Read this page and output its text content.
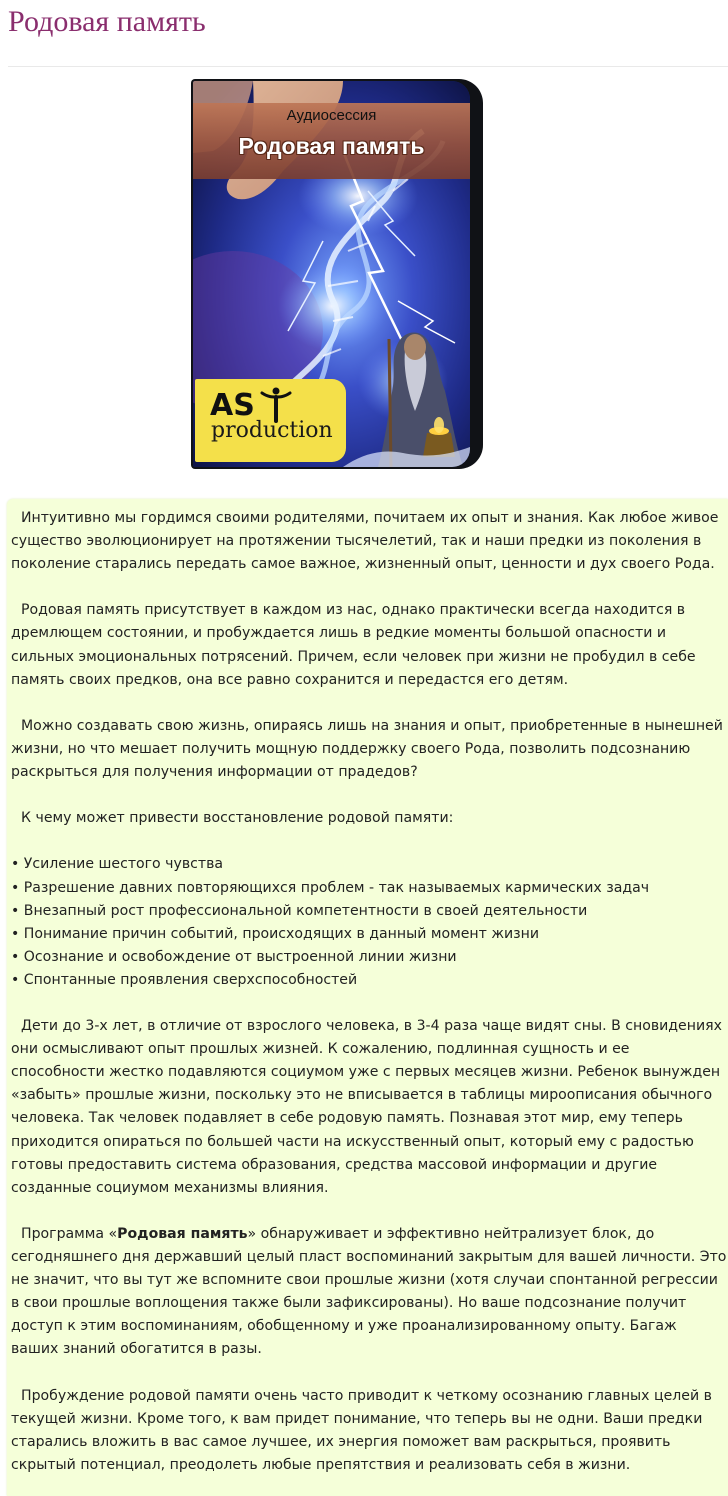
Родовая память
Аудиосессия
Родовая память
AS
production

Интуитивно мы гордимся своими родителями, почитаем их опыт и знания. Как любое живое существо эволюционирует на протяжении тысячелетий, так и наши предки из поколения в поколение старались передать самое важное, жизненный опыт, ценности и дух своего Рода.

Родовая память присутствует в каждом из нас, однако практически всегда находится в дремлющем состоянии, и пробуждается лишь в редкие моменты большой опасности и сильных эмоциональных потрясений. Причем, если человек при жизни не пробудил в себе память своих предков, она все равно сохранится и передастся его детям.

Можно создавать свою жизнь, опираясь лишь на знания и опыт, приобретенные в нынешней жизни, но что мешает получить мощную поддержку своего Рода, позволить подсознанию раскрыться для получения информации от прадедов?

К чему может привести восстановление родовой памяти:

• Усиление шестого чувства
• Разрешение давних повторяющихся проблем - так называемых кармических задач
• Внезапный рост профессиональной компетентности в своей деятельности
• Понимание причин событий, происходящих в данный момент жизни
• Осознание и освобождение от выстроенной линии жизни
• Спонтанные проявления сверхспособностей

Дети до 3-х лет, в отличие от взрослого человека, в 3-4 раза чаще видят сны. В сновидениях они осмысливают опыт прошлых жизней. К сожалению, подлинная сущность и ее способности жестко подавляются социумом уже с первых месяцев жизни. Ребенок вынужден «забыть» прошлые жизни, поскольку это не вписывается в таблицы мироописания обычного человека. Так человек подавляет в себе родовую память. Познавая этот мир, ему теперь приходится опираться по большей части на искусственный опыт, который ему с радостью готовы предоставить система образования, средства массовой информации и другие созданные социумом механизмы влияния.

Программа «Родовая память» обнаруживает и эффективно нейтрализует блок, до сегодняшнего дня державший целый пласт воспоминаний закрытым для вашей личности. Это не значит, что вы тут же вспомните свои прошлые жизни (хотя случаи спонтанной регрессии в свои прошлые воплощения также были зафиксированы). Но ваше подсознание получит доступ к этим воспоминаниям, обобщенному и уже проанализированному опыту. Багаж ваших знаний обогатится в разы.

Пробуждение родовой памяти очень часто приводит к четкому осознанию главных целей в текущей жизни. Кроме того, к вам придет понимание, что теперь вы не одни. Ваши предки старались вложить в вас самое лучшее, их энергия поможет вам раскрыться, проявить скрытый потенциал, преодолеть любые препятствия и реализовать себя в жизни.
